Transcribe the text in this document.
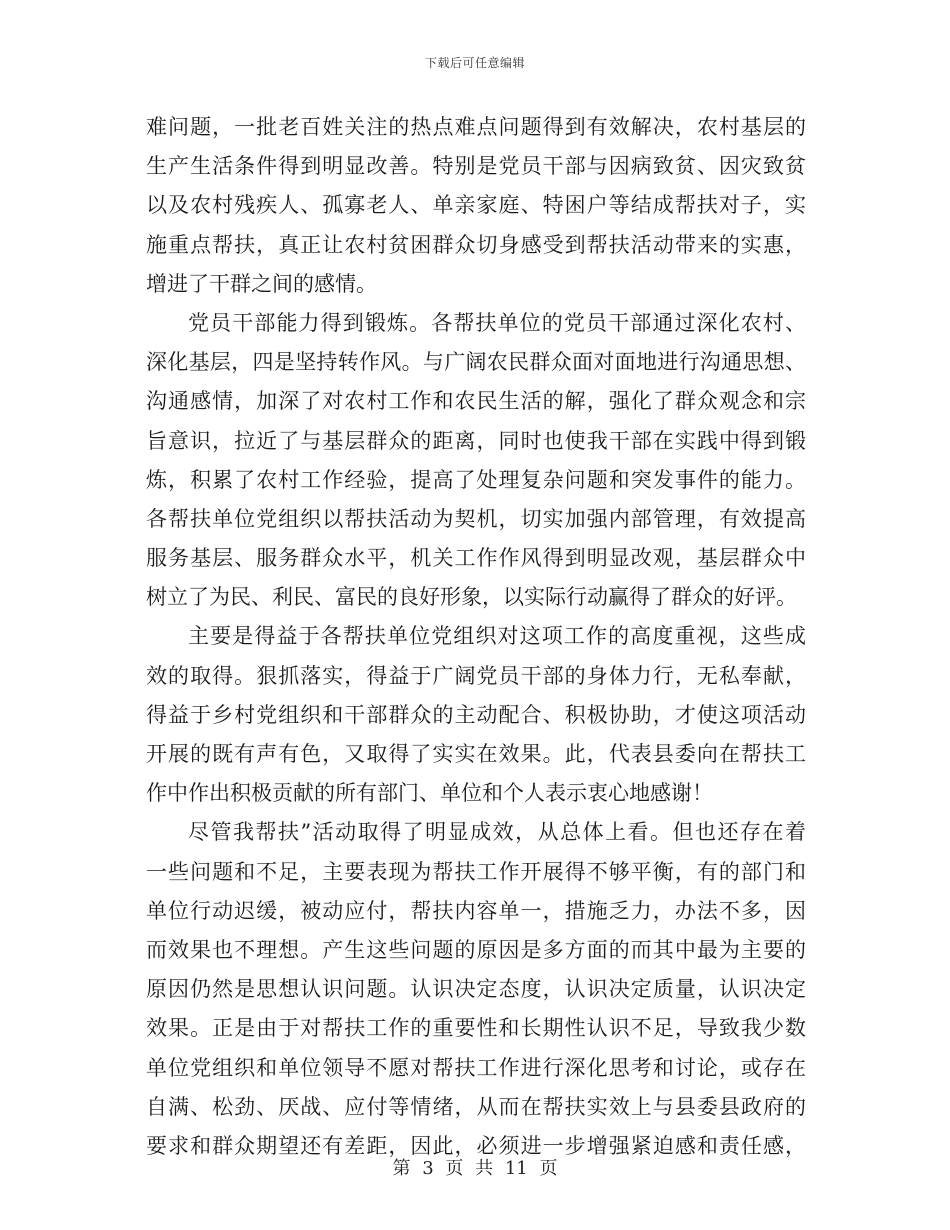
下载后可任意编辑
难问题，一批老百姓关注的热点难点问题得到有效解决，农村基层的
生产生活条件得到明显改善。特别是党员干部与因病致贫、因灾致贫
以及农村残疾人、孤寡老人、单亲家庭、特困户等结成帮扶对子，实
施重点帮扶，真正让农村贫困群众切身感受到帮扶活动带来的实惠，
增进了干群之间的感情。
党员干部能力得到锻炼。各帮扶单位的党员干部通过深化农村、
深化基层，四是坚持转作风。与广阔农民群众面对面地进行沟通思想、
沟通感情，加深了对农村工作和农民生活的解，强化了群众观念和宗
旨意识，拉近了与基层群众的距离，同时也使我干部在实践中得到锻
炼，积累了农村工作经验，提高了处理复杂问题和突发事件的能力。
各帮扶单位党组织以帮扶活动为契机，切实加强内部管理，有效提高
服务基层、服务群众水平，机关工作作风得到明显改观，基层群众中
树立了为民、利民、富民的良好形象，以实际行动赢得了群众的好评。
主要是得益于各帮扶单位党组织对这项工作的高度重视，这些成
效的取得。狠抓落实，得益于广阔党员干部的身体力行，无私奉献，
得益于乡村党组织和干部群众的主动配合、积极协助，才使这项活动
开展的既有声有色，又取得了实实在效果。此，代表县委向在帮扶工
作中作出积极贡献的所有部门、单位和个人表示衷心地感谢！
尽管我帮扶”活动取得了明显成效，从总体上看。但也还存在着
一些问题和不足，主要表现为帮扶工作开展得不够平衡，有的部门和
单位行动迟缓，被动应付，帮扶内容单一，措施乏力，办法不多，因
而效果也不理想。产生这些问题的原因是多方面的而其中最为主要的
原因仍然是思想认识问题。认识决定态度，认识决定质量，认识决定
效果。正是由于对帮扶工作的重要性和长期性认识不足，导致我少数
单位党组织和单位领导不愿对帮扶工作进行深化思考和讨论，或存在
自满、松劲、厌战、应付等情绪，从而在帮扶实效上与县委县政府的
要求和群众期望还有差距，因此，必须进一步增强紧迫感和责任感，
第 3 页 共 11 页
